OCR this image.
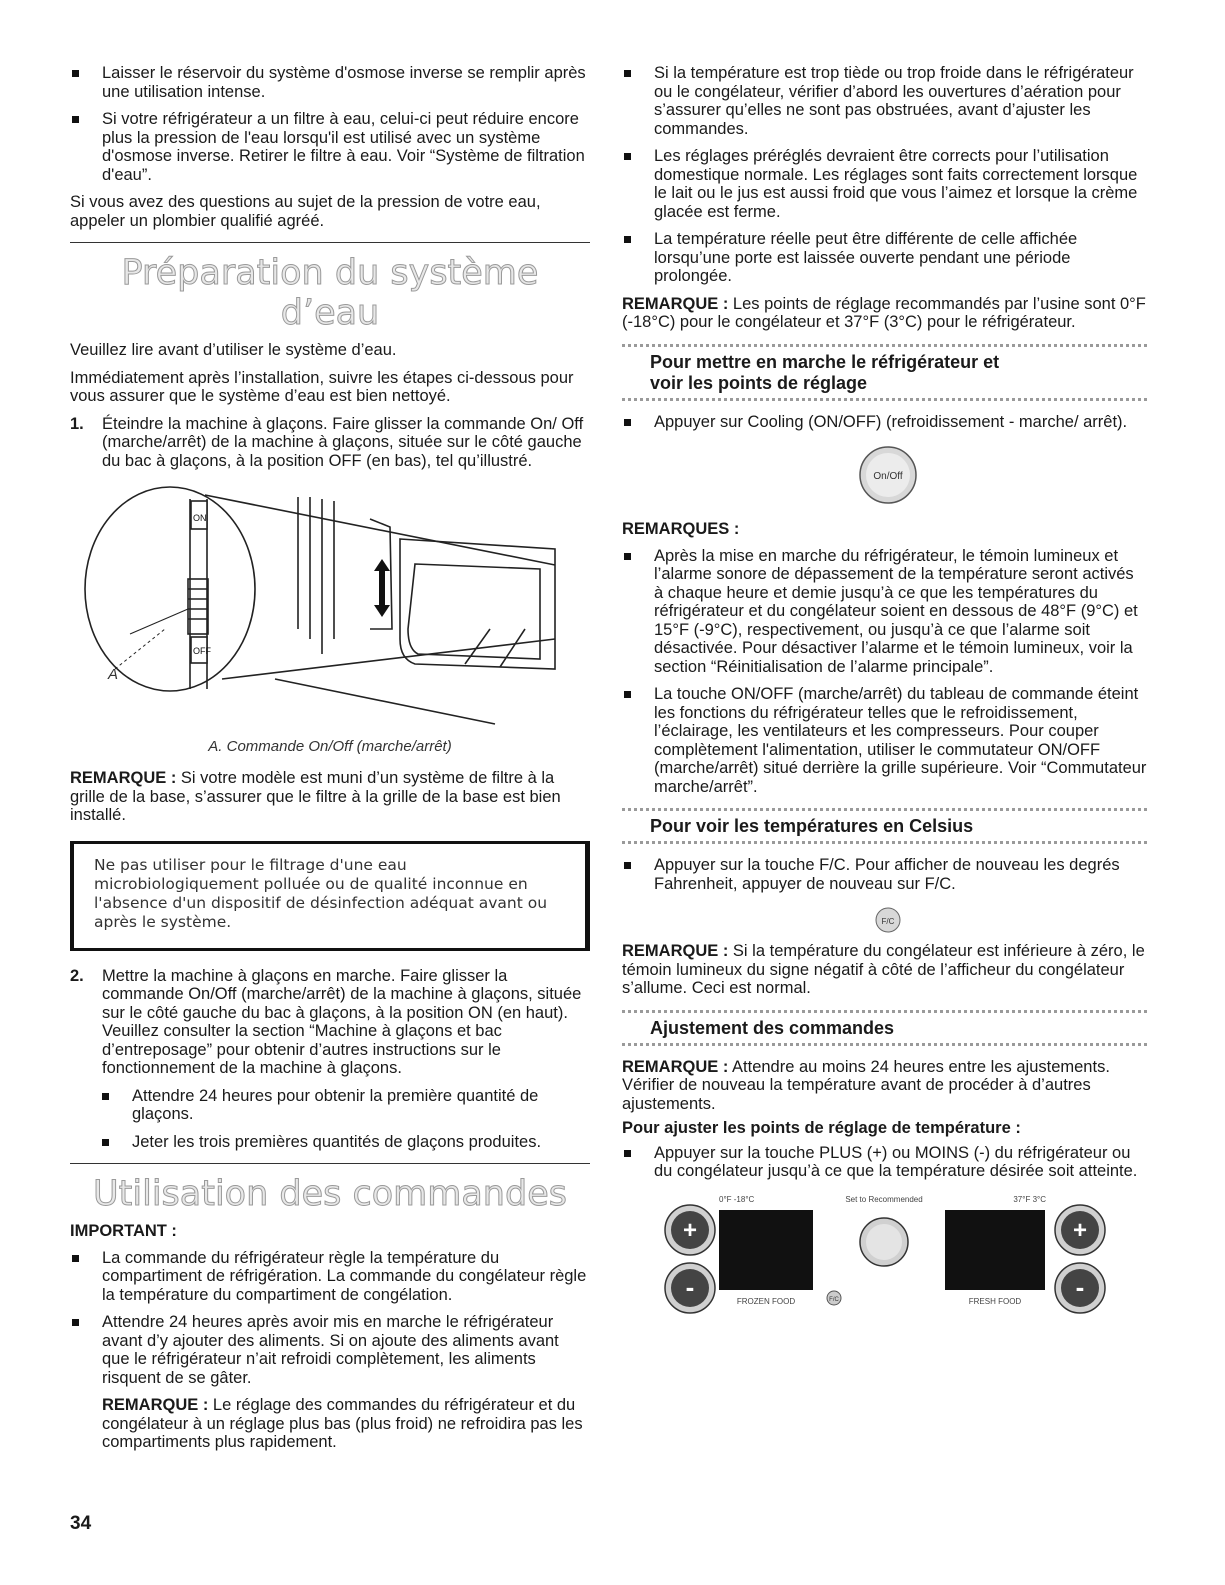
Laisser le réservoir du système d'osmose inverse se remplir après une utilisation intense.
Si votre réfrigérateur a un filtre à eau, celui-ci peut réduire encore plus la pression de l'eau lorsqu'il est utilisé avec un système d'osmose inverse. Retirer le filtre à eau. Voir “Système de filtration d'eau”.

Si vous avez des questions au sujet de la pression de votre eau, appeler un plombier qualifié agréé.

Préparation du système d’eau

Veuillez lire avant d’utiliser le système d’eau.

Immédiatement après l’installation, suivre les étapes ci-dessous pour vous assurer que le système d’eau est bien nettoyé.

1. Éteindre la machine à glaçons. Faire glisser la commande On/ Off (marche/arrêt) de la machine à glaçons, située sur le côté gauche du bac à glaçons, à la position OFF (en bas), tel qu’illustré.
ON
OFF
A
A. Commande On/Off (marche/arrêt)

REMARQUE : Si votre modèle est muni d’un système de filtre à la grille de la base, s’assurer que le filtre à la grille de la base est bien installé.

Ne pas utiliser pour le filtrage d'une eau microbiologiquement polluée ou de qualité inconnue en l'absence d'un dispositif de désinfection adéquat avant ou après le système.

2. Mettre la machine à glaçons en marche. Faire glisser la commande On/Off (marche/arrêt) de la machine à glaçons, située sur le côté gauche du bac à glaçons, à la position ON (en haut). Veuillez consulter la section “Machine à glaçons et bac d’entreposage” pour obtenir d’autres instructions sur le fonctionnement de la machine à glaçons.
Attendre 24 heures pour obtenir la première quantité de glaçons.
Jeter les trois premières quantités de glaçons produites.
Utilisation des commandes

IMPORTANT :

La commande du réfrigérateur règle la température du compartiment de réfrigération. La commande du congélateur règle la température du compartiment de congélation.
Attendre 24 heures après avoir mis en marche le réfrigérateur avant d’y ajouter des aliments. Si on ajoute des aliments avant que le réfrigérateur n’ait refroidi complètement, les aliments risquent de se gâter.

REMARQUE : Le réglage des commandes du réfrigérateur et du congélateur à un réglage plus bas (plus froid) ne refroidira pas les compartiments plus rapidement.

Si la température est trop tiède ou trop froide dans le réfrigérateur ou le congélateur, vérifier d’abord les ouvertures d’aération pour s’assurer qu’elles ne sont pas obstruées, avant d’ajuster les commandes.
Les réglages préréglés devraient être corrects pour l’utilisation domestique normale. Les réglages sont faits correctement lorsque le lait ou le jus est aussi froid que vous l’aimez et lorsque la crème glacée est ferme.
La température réelle peut être différente de celle affichée lorsqu’une porte est laissée ouverte pendant une période prolongée.

REMARQUE : Les points de réglage recommandés par l’usine sont 0°F (-18°C) pour le congélateur et 37°F (3°C) pour le réfrigérateur.

Pour mettre en marche le réfrigérateur et
voir les points de réglage
Appuyer sur Cooling (ON/OFF) (refroidissement - marche/ arrêt).
On/Off

REMARQUES :

Après la mise en marche du réfrigérateur, le témoin lumineux et l’alarme sonore de dépassement de la température seront activés à chaque heure et demie jusqu’à ce que les températures du réfrigérateur et du congélateur soient en dessous de 48°F (9°C) et 15°F (-9°C), respectivement, ou jusqu’à ce que l’alarme soit désactivée. Pour désactiver l’alarme et le témoin lumineux, voir la section “Réinitialisation de l’alarme principale”.
La touche ON/OFF (marche/arrêt) du tableau de commande éteint les fonctions du réfrigérateur telles que le refroidissement, l’éclairage, les ventilateurs et les compresseurs. Pour couper complètement l'alimentation, utiliser le commutateur ON/OFF (marche/arrêt) situé derrière la grille supérieure. Voir “Commutateur marche/arrêt”.
Pour voir les températures en Celsius
Appuyer sur la touche F/C. Pour afficher de nouveau les degrés Fahrenheit, appuyer de nouveau sur F/C.
F/C

REMARQUE : Si la température du congélateur est inférieure à zéro, le témoin lumineux du signe négatif à côté de l’afficheur du congélateur s’allume. Ceci est normal.

Ajustement des commandes

REMARQUE : Attendre au moins 24 heures entre les ajustements. Vérifier de nouveau la température avant de procéder à d’autres ajustements.

Pour ajuster les points de réglage de température :

Appuyer sur la touche PLUS (+) ou MOINS (-) du réfrigérateur ou du congélateur jusqu’à ce que la température désirée soit atteinte.
+
-
0°F -18°C
FROZEN FOOD
Set to Recommended
F/C
37°F 3°C
FRESH FOOD
+
-
34
